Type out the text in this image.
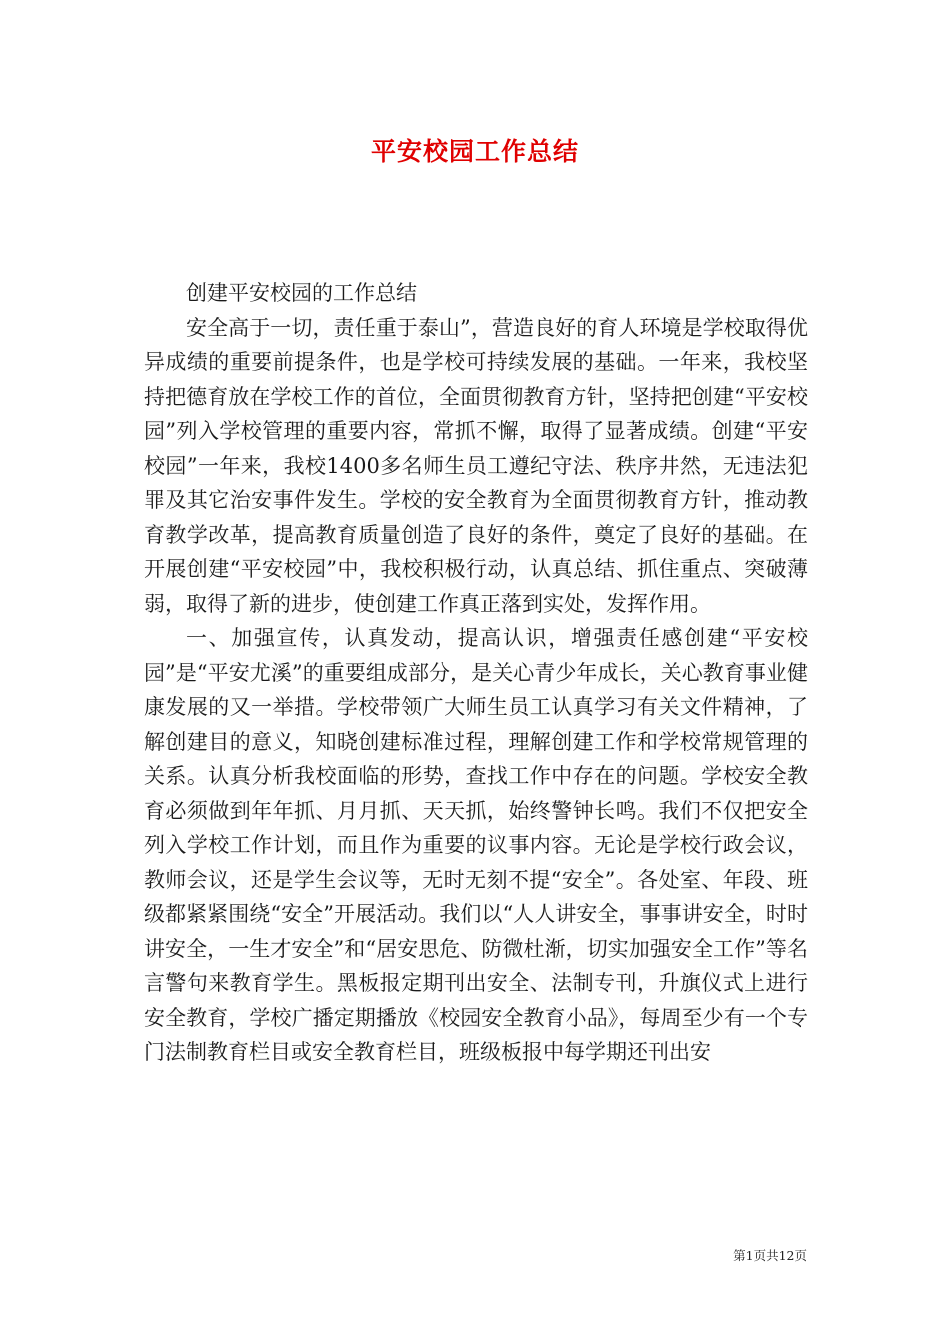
平安校园工作总结

创建平安校园的工作总结

安全高于一切，责任重于泰山”，营造良好的育人环境是学校取得优异成绩的重要前提条件，也是学校可持续发展的基础。一年来，我校坚持把德育放在学校工作的首位，全面贯彻教育方针，坚持把创建“平安校园”列入学校管理的重要内容，常抓不懈，取得了显著成绩。创建“平安校园”一年来，我校1400多名师生员工遵纪守法、秩序井然，无违法犯罪及其它治安事件发生。学校的安全教育为全面贯彻教育方针，推动教育教学改革，提高教育质量创造了良好的条件，奠定了良好的基础。在开展创建“平安校园”中，我校积极行动，认真总结、抓住重点、突破薄弱，取得了新的进步，使创建工作真正落到实处，发挥作用。

一、加强宣传，认真发动，提高认识，增强责任感创建“平安校园”是“平安尤溪”的重要组成部分，是关心青少年成长，关心教育事业健康发展的又一举措。学校带领广大师生员工认真学习有关文件精神，了解创建目的意义，知晓创建标准过程，理解创建工作和学校常规管理的关系。认真分析我校面临的形势，查找工作中存在的问题。学校安全教育必须做到年年抓、月月抓、天天抓，始终警钟长鸣。我们不仅把安全列入学校工作计划，而且作为重要的议事内容。无论是学校行政会议，教师会议，还是学生会议等，无时无刻不提“安全”。各处室、年段、班级都紧紧围绕“安全”开展活动。我们以“人人讲安全，事事讲安全，时时讲安全，一生才安全”和“居安思危、防微杜渐，切实加强安全工作”等名言警句来教育学生。黑板报定期刊出安全、法制专刊，升旗仪式上进行安全教育，学校广播定期播放《校园安全教育小品》，每周至少有一个专门法制教育栏目或安全教育栏目，班级板报中每学期还刊出安

第1页共12页
